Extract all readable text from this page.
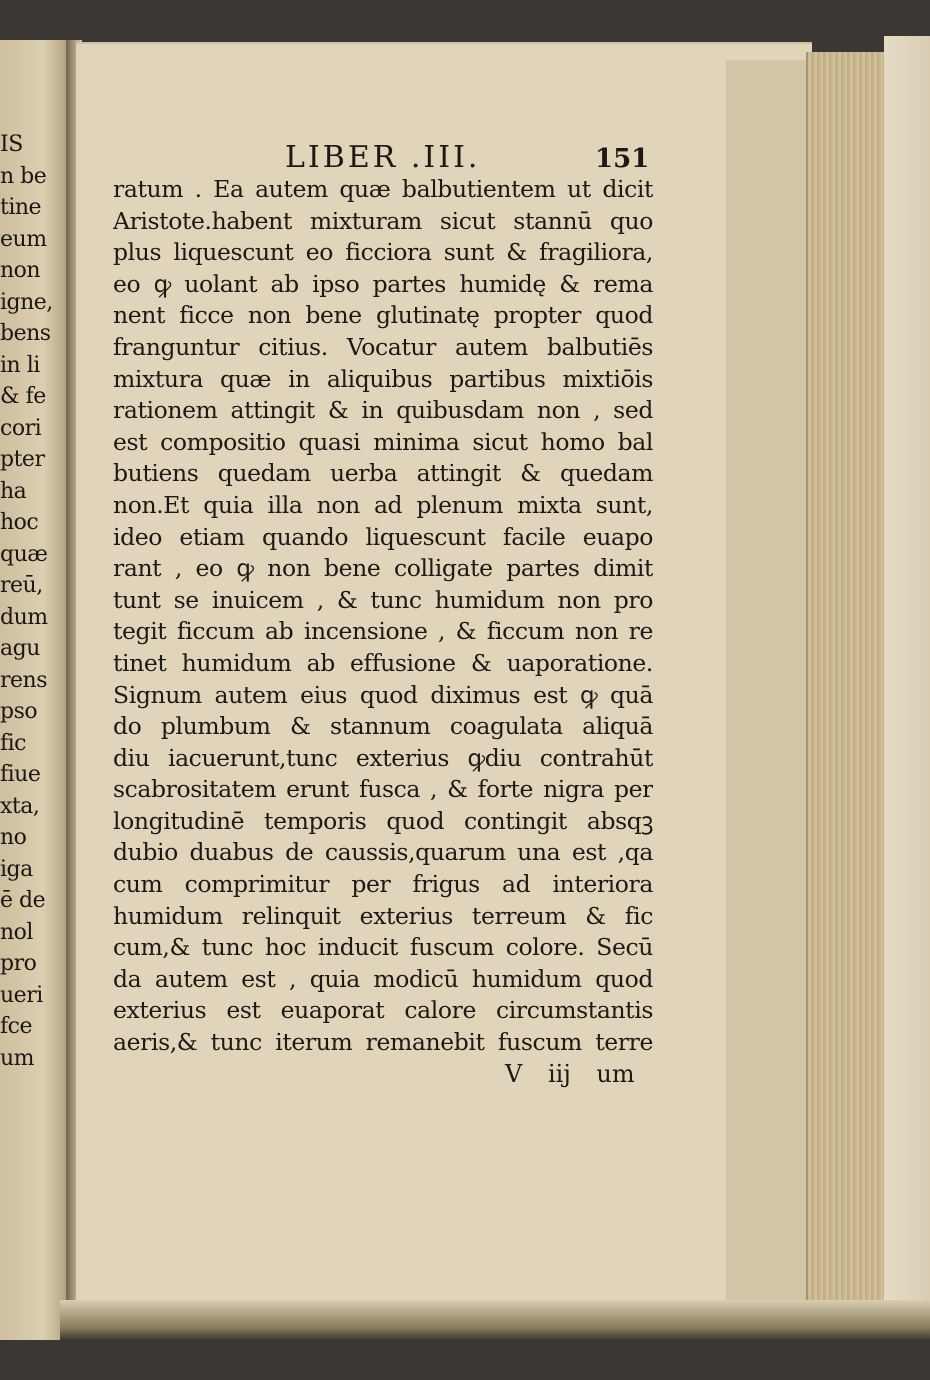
IS
n be
tine
eum
non
igne,
bens
in li
& fe
cori
pter
ha
hoc
quæ
reū,
dum
agu
rens
pso
fic
fiue
xta,
no
iga
ē de
nol
pro
ueri
fce
um
LIBER .III.	151
ratum . Ea autem quæ balbutientem ut dicit
Aristote.habent mixturam sicut stannū quo
plus liquescunt eo ficciora sunt & fragiliora,
eo ꝙ uolant ab ipso partes humidę & rema
nent ficce non bene glutinatę propter quod
franguntur citius. Vocatur autem balbutiēs
mixtura quæ in aliquibus partibus mixtiōis
rationem attingit & in quibusdam non , sed
est compositio quasi minima sicut homo bal
butiens quedam uerba attingit & quedam
non.Et quia illa non ad plenum mixta sunt,
ideo etiam quando liquescunt facile euapo
rant , eo ꝙ non bene colligate partes dimit
tunt se inuicem , & tunc humidum non pro
tegit ficcum ab incensione , & ficcum non re
tinet humidum ab effusione & uaporatione.
Signum autem eius quod diximus est ꝙ quā
do plumbum & stannum coagulata aliquā
diu iacuerunt,tunc exterius ꝙdiu contrahūt
scabrositatem erunt fusca , & forte nigra per
longitudinē temporis quod contingit absqꝫ
dubio duabus de caussis,quarum una est ,qa
cum comprimitur per frigus ad interiora
humidum relinquit exterius terreum & fic
cum,& tunc hoc inducit fuscum colore. Secū
da autem est , quia modicū humidum quod
exterius est euaporat calore circumstantis
aeris,& tunc iterum remanebit fuscum terre
V iij um
